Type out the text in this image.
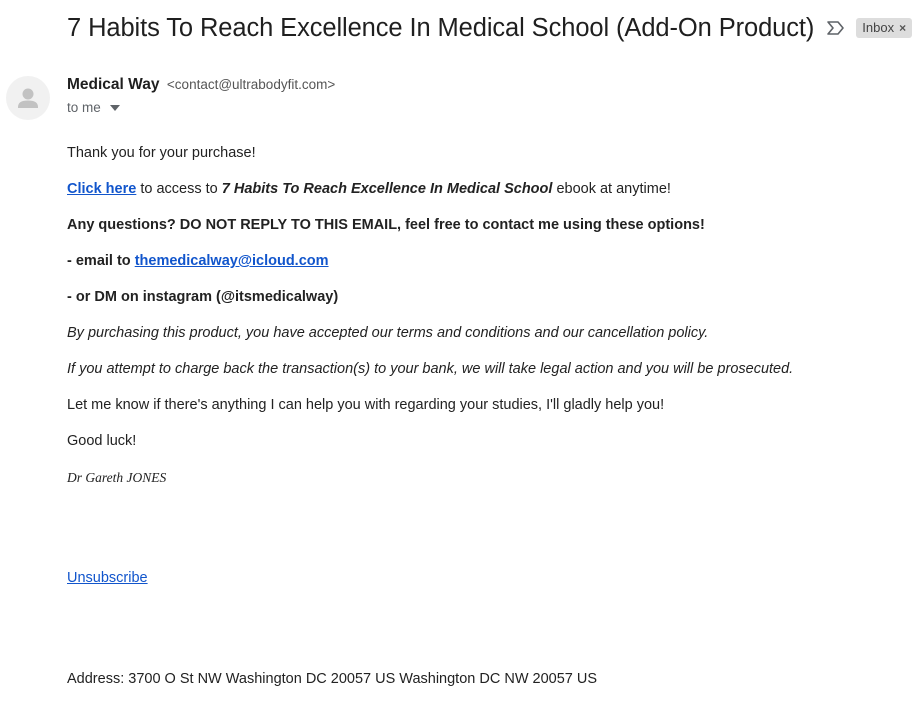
7 Habits To Reach Excellence In Medical School (Add-On Product)	Inbox ×
Medical Way <contact@ultrabodyfit.com>
to me
Thank you for your purchase!
Click here to access to 7 Habits To Reach Excellence In Medical School ebook at anytime!
Any questions? DO NOT REPLY TO THIS EMAIL, feel free to contact me using these options!
- email to themedicalway@icloud.com
- or DM on instagram (@itsmedicalway)
By purchasing this product, you have accepted our terms and conditions and our cancellation policy.
If you attempt to charge back the transaction(s) to your bank, we will take legal action and you will be prosecuted.
Let me know if there's anything I can help you with regarding your studies, I'll gladly help you!
Good luck!
Dr Gareth JONES
Unsubscribe
Address: 3700 O St NW Washington DC 20057 US Washington DC NW 20057 US
